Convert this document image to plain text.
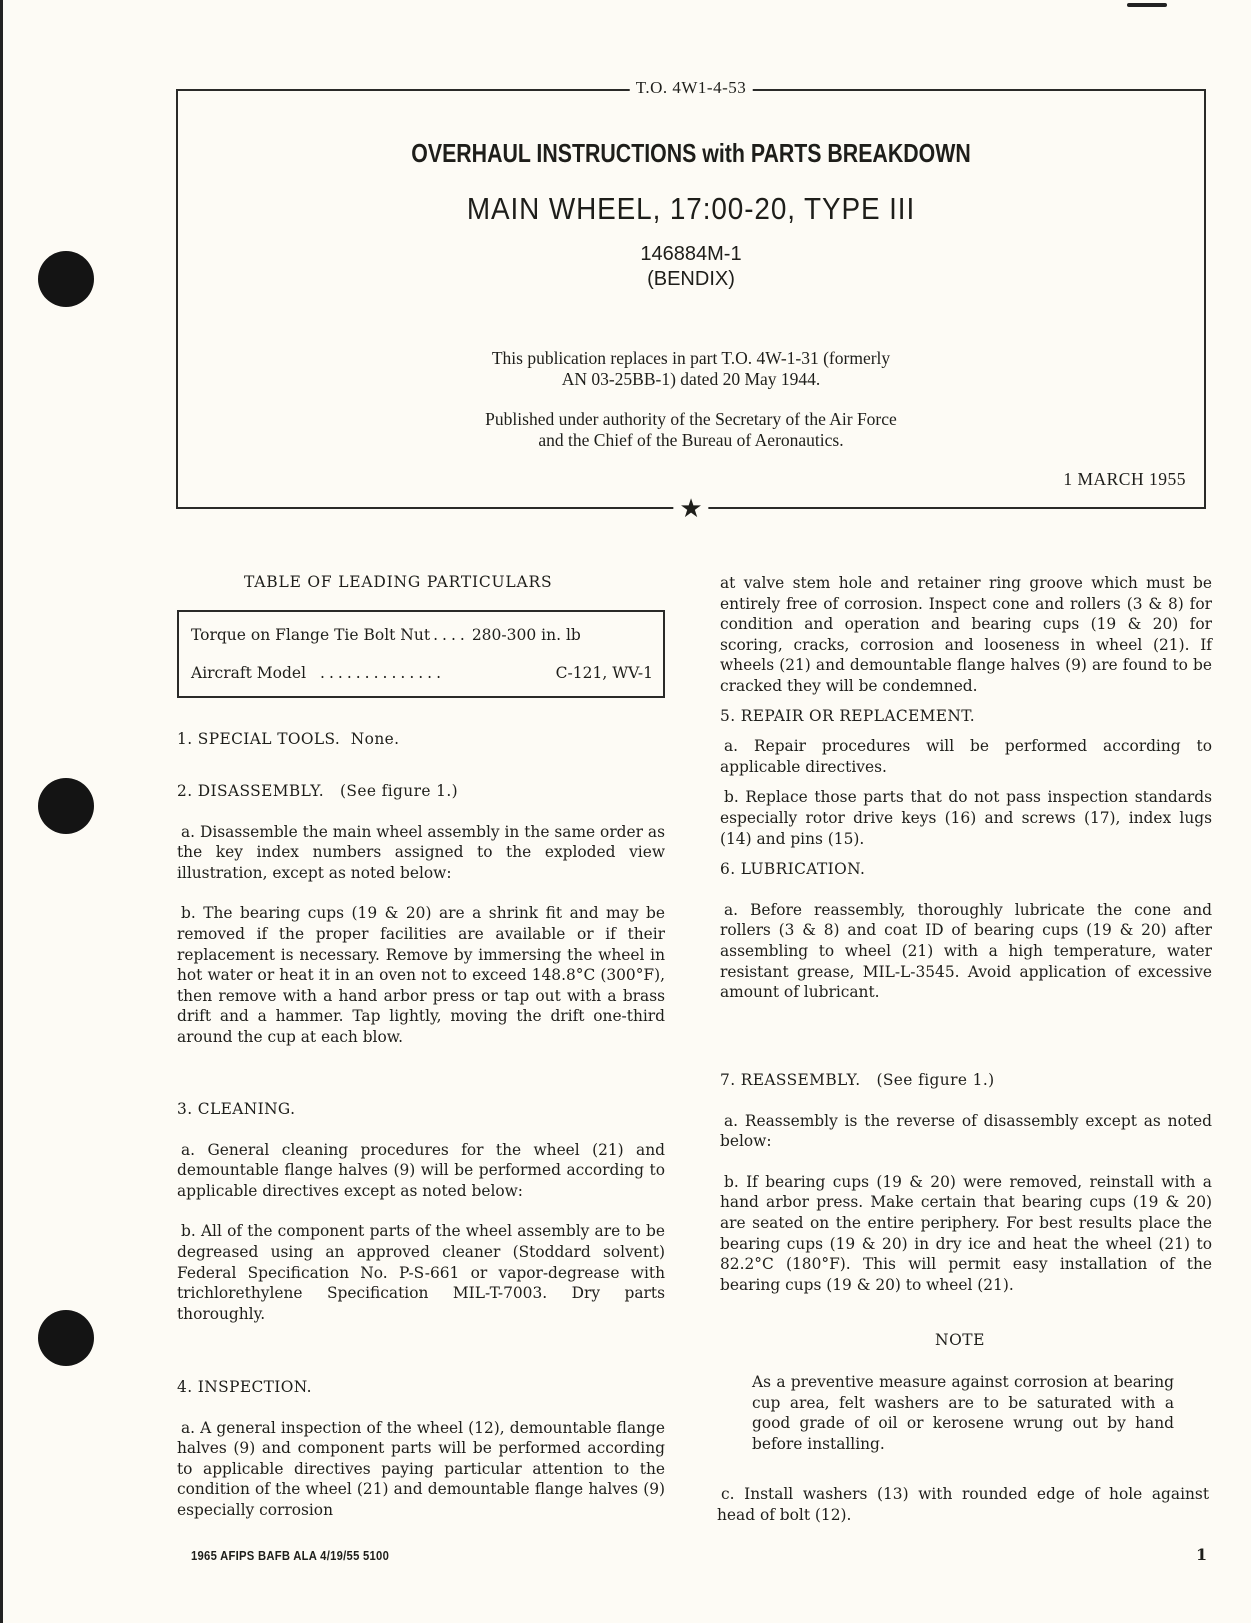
T.O. 4W1-4-53
OVERHAUL INSTRUCTIONS with PARTS BREAKDOWN
MAIN WHEEL, 17:00-20, TYPE III
146884M-1
(BENDIX)
This publication replaces in part T.O. 4W-1-31 (formerly
AN 03-25BB-1) dated 20 May 1944.
Published under authority of the Secretary of the Air Force
and the Chief of the Bureau of Aeronautics.
1 MARCH 1955
★
TABLE OF LEADING PARTICULARS
Torque on Flange Tie Bolt Nut .... 280-300 in. lb
Aircraft Model ..............	C-121, WV-1

1. SPECIAL TOOLS. None.

2. DISASSEMBLY. (See figure 1.)

a. Disassemble the main wheel assembly in the same order as the key index numbers assigned to the exploded view illustration, except as noted below:

b. The bearing cups (19 & 20) are a shrink fit and may be removed if the proper facilities are available or if their replacement is necessary. Remove by immersing the wheel in hot water or heat it in an oven not to exceed 148.8°C (300°F), then remove with a hand arbor press or tap out with a brass drift and a hammer. Tap lightly, moving the drift one-third around the cup at each blow.

3. CLEANING.

a. General cleaning procedures for the wheel (21) and demountable flange halves (9) will be performed according to applicable directives except as noted below:

b. All of the component parts of the wheel assembly are to be degreased using an approved cleaner (Stoddard solvent) Federal Specification No. P-S-661 or vapor-degrease with trichlorethylene Specification MIL-T-7003. Dry parts thoroughly.

4. INSPECTION.

a. A general inspection of the wheel (12), demountable flange halves (9) and component parts will be performed according to applicable directives paying particular attention to the condition of the wheel (21) and demountable flange halves (9) especially corrosion

at valve stem hole and retainer ring groove which must be entirely free of corrosion. Inspect cone and rollers (3 & 8) for condition and operation and bearing cups (19 & 20) for scoring, cracks, corrosion and looseness in wheel (21). If wheels (21) and demountable flange halves (9) are found to be cracked they will be condemned.

5. REPAIR OR REPLACEMENT.

a. Repair procedures will be performed according to applicable directives.

b. Replace those parts that do not pass inspection standards especially rotor drive keys (16) and screws (17), index lugs (14) and pins (15).

6. LUBRICATION.

a. Before reassembly, thoroughly lubricate the cone and rollers (3 & 8) and coat ID of bearing cups (19 & 20) after assembling to wheel (21) with a high temperature, water resistant grease, MIL-L-3545. Avoid application of excessive amount of lubricant.

7. REASSEMBLY. (See figure 1.)

a. Reassembly is the reverse of disassembly except as noted below:

b. If bearing cups (19 & 20) were removed, reinstall with a hand arbor press. Make certain that bearing cups (19 & 20) are seated on the entire periphery. For best results place the bearing cups (19 & 20) in dry ice and heat the wheel (21) to 82.2°C (180°F). This will permit easy installation of the bearing cups (19 & 20) to wheel (21).

NOTE

As a preventive measure against corrosion at bearing cup area, felt washers are to be saturated with a good grade of oil or kerosene wrung out by hand before installing.

c. Install washers (13) with rounded edge of hole against head of bolt (12).

1965 AFIPS BAFB ALA 4/19/55 5100	1
